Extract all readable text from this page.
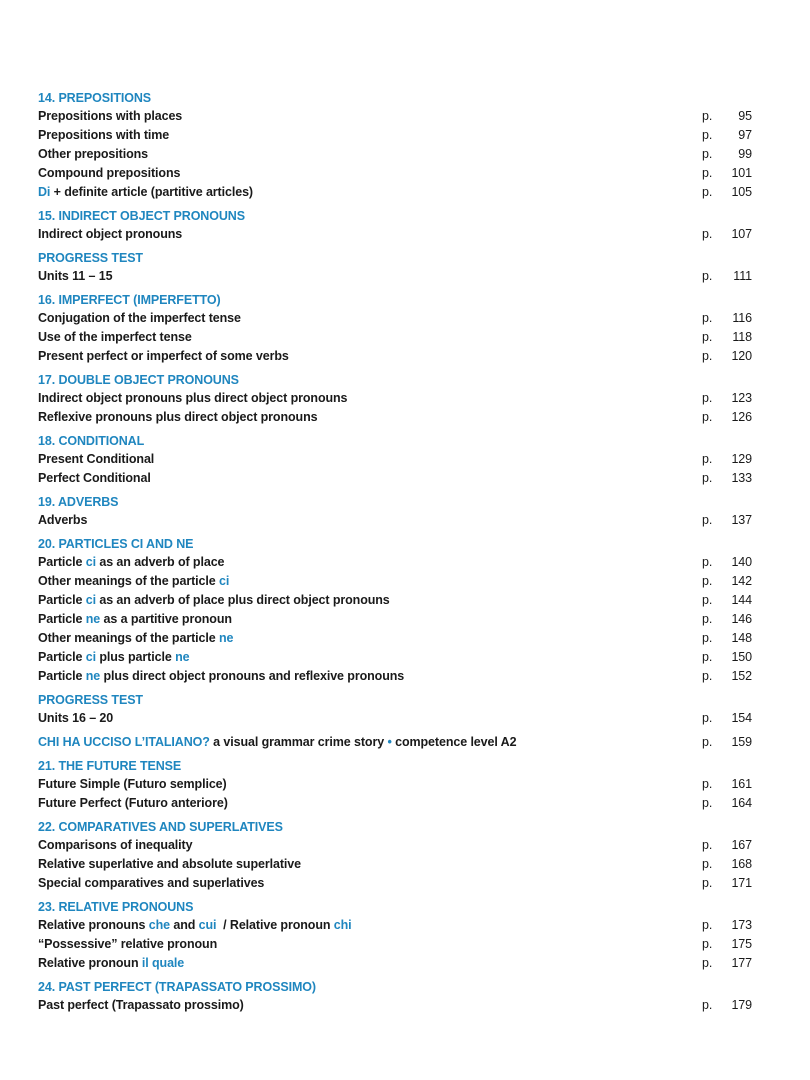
14. PREPOSITIONS
Prepositions with places	p.	95
Prepositions with time	p.	97
Other prepositions	p.	99
Compound prepositions	p.	101
Di + definite article (partitive articles)	p.	105
15. INDIRECT OBJECT PRONOUNS
Indirect object pronouns	p.	107
PROGRESS TEST
Units 11 – 15	p.	111
16. IMPERFECT (IMPERFETTO)
Conjugation of the imperfect tense	p.	116
Use of the imperfect tense	p.	118
Present perfect or imperfect of some verbs	p.	120
17. DOUBLE OBJECT PRONOUNS
Indirect object pronouns plus direct object pronouns	p.	123
Reflexive pronouns plus direct object pronouns	p.	126
18. CONDITIONAL
Present Conditional	p.	129
Perfect Conditional	p.	133
19. ADVERBS
Adverbs	p.	137
20. PARTICLES CI AND NE
Particle ci as an adverb of place	p.	140
Other meanings of the particle ci	p.	142
Particle ci as an adverb of place plus direct object pronouns	p.	144
Particle ne as a partitive pronoun	p.	146
Other meanings of the particle ne	p.	148
Particle ci plus particle ne	p.	150
Particle ne plus direct object pronouns and reflexive pronouns	p.	152
PROGRESS TEST
Units 16 – 20	p.	154
CHI HA UCCISO L’ITALIANO? a visual grammar crime story • competence level A2	p.	159
21. THE FUTURE TENSE
Future Simple (Futuro semplice)	p.	161
Future Perfect (Futuro anteriore)	p.	164
22. COMPARATIVES AND SUPERLATIVES
Comparisons of inequality	p.	167
Relative superlative and absolute superlative	p.	168
Special comparatives and superlatives	p.	171
23. RELATIVE PRONOUNS
Relative pronouns che and cui  / Relative pronoun chi	p.	173
“Possessive” relative pronoun	p.	175
Relative pronoun il quale	p.	177
24. PAST PERFECT (TRAPASSATO PROSSIMO)
Past perfect (Trapassato prossimo)	p.	179
